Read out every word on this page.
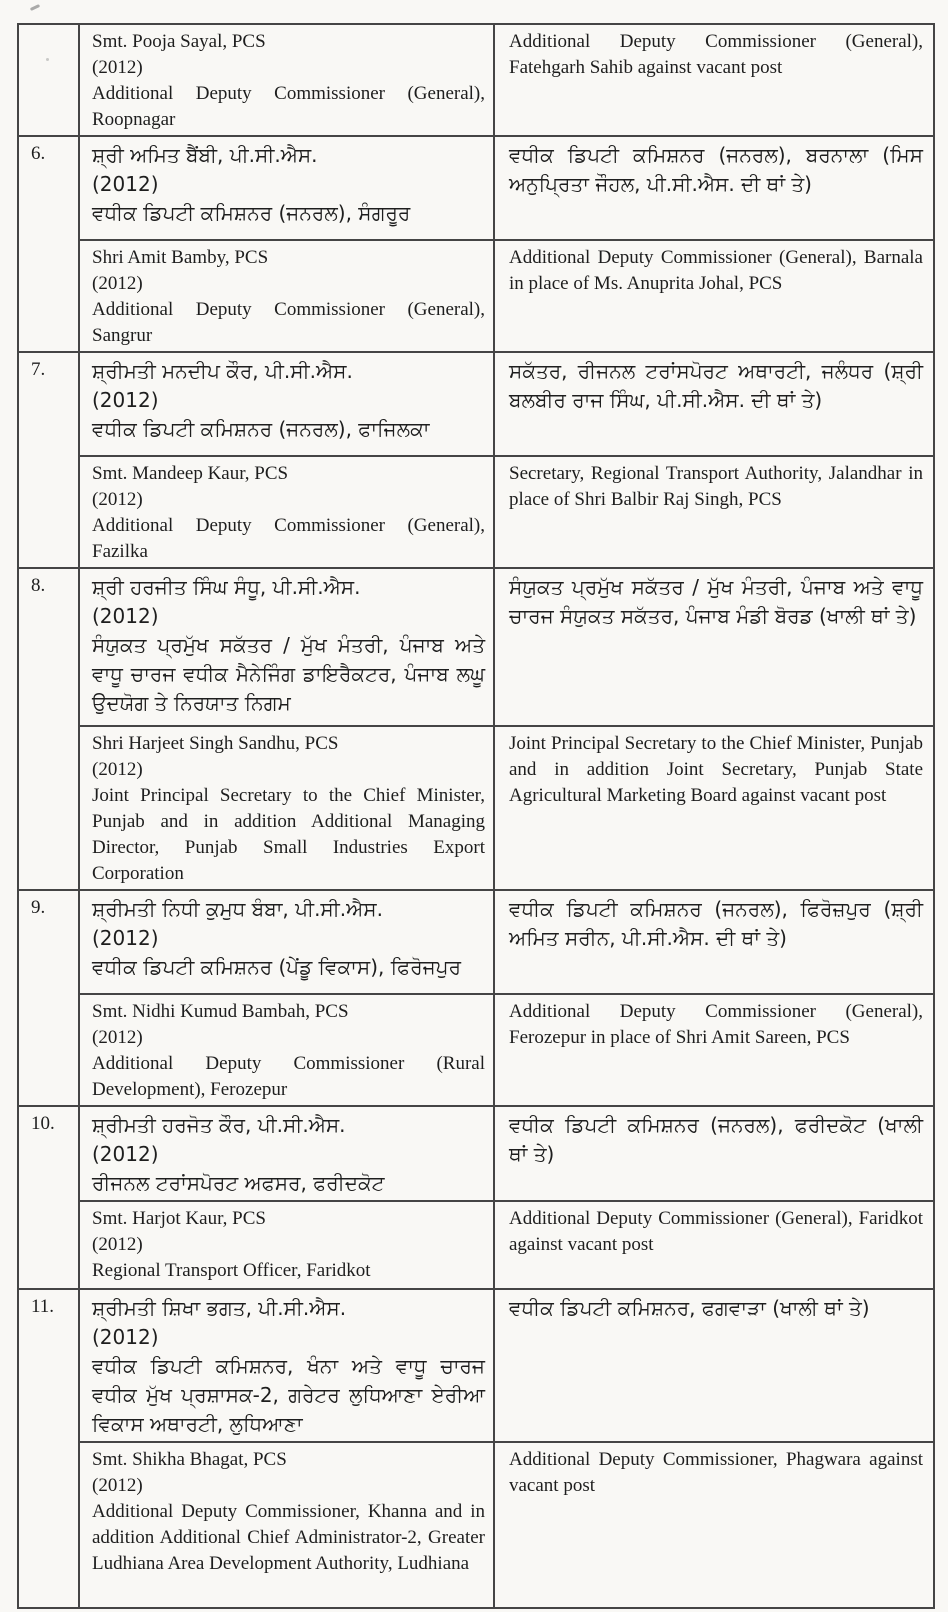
	Smt. Pooja Sayal, PCS
(2012)
Additional Deputy Commissioner (General), Roopnagar	Additional Deputy Commissioner (General), Fatehgarh Sahib against vacant post

6.	ਸ਼੍ਰੀ ਅਮਿਤ ਬੈਂਬੀ, ਪੀ.ਸੀ.ਐਸ.
(2012)
ਵਧੀਕ ਡਿਪਟੀ ਕਮਿਸ਼ਨਰ (ਜਨਰਲ), ਸੰਗਰੂਰ	ਵਧੀਕ ਡਿਪਟੀ ਕਮਿਸ਼ਨਰ (ਜਨਰਲ), ਬਰਨਾਲਾ (ਮਿਸ ਅਨੁਪ੍ਰਿਤਾ ਜੌਹਲ, ਪੀ.ਸੀ.ਐਸ. ਦੀ ਥਾਂ ਤੇ)

	Shri Amit Bamby, PCS
(2012)
Additional Deputy Commissioner (General), Sangrur	Additional Deputy Commissioner (General), Barnala in place of Ms. Anuprita Johal, PCS

7.	ਸ਼੍ਰੀਮਤੀ ਮਨਦੀਪ ਕੌਰ, ਪੀ.ਸੀ.ਐਸ.
(2012)
ਵਧੀਕ ਡਿਪਟੀ ਕਮਿਸ਼ਨਰ (ਜਨਰਲ), ਫਾਜਿਲਕਾ	ਸਕੱਤਰ, ਰੀਜਨਲ ਟਰਾਂਸਪੋਰਟ ਅਥਾਰਟੀ, ਜਲੰਧਰ (ਸ਼੍ਰੀ ਬਲਬੀਰ ਰਾਜ ਸਿੰਘ, ਪੀ.ਸੀ.ਐਸ. ਦੀ ਥਾਂ ਤੇ)

	Smt. Mandeep Kaur, PCS
(2012)
Additional Deputy Commissioner (General), Fazilka	Secretary, Regional Transport Authority, Jalandhar in place of Shri Balbir Raj Singh, PCS

8.	ਸ਼੍ਰੀ ਹਰਜੀਤ ਸਿੰਘ ਸੰਧੂ, ਪੀ.ਸੀ.ਐਸ.
(2012)
ਸੰਯੁਕਤ ਪ੍ਰਮੁੱਖ ਸਕੱਤਰ / ਮੁੱਖ ਮੰਤਰੀ, ਪੰਜਾਬ ਅਤੇ ਵਾਧੂ ਚਾਰਜ ਵਧੀਕ ਮੈਨੇਜਿੰਗ ਡਾਇਰੈਕਟਰ, ਪੰਜਾਬ ਲਘੂ ਉਦਯੋਗ ਤੇ ਨਿਰਯਾਤ ਨਿਗਮ	ਸੰਯੁਕਤ ਪ੍ਰਮੁੱਖ ਸਕੱਤਰ / ਮੁੱਖ ਮੰਤਰੀ, ਪੰਜਾਬ ਅਤੇ ਵਾਧੂ ਚਾਰਜ ਸੰਯੁਕਤ ਸਕੱਤਰ, ਪੰਜਾਬ ਮੰਡੀ ਬੋਰਡ (ਖਾਲੀ ਥਾਂ ਤੇ)

	Shri Harjeet Singh Sandhu, PCS
(2012)
Joint Principal Secretary to the Chief Minister, Punjab and in addition Additional Managing Director, Punjab Small Industries Export Corporation	Joint Principal Secretary to the Chief Minister, Punjab and in addition Joint Secretary, Punjab State Agricultural Marketing Board against vacant post

9.	ਸ਼੍ਰੀਮਤੀ ਨਿਧੀ ਕੁਮੁਧ ਬੰਬਾ, ਪੀ.ਸੀ.ਐਸ.
(2012)
ਵਧੀਕ ਡਿਪਟੀ ਕਮਿਸ਼ਨਰ (ਪੇਂਡੂ ਵਿਕਾਸ), ਫਿਰੋਜਪੁਰ	ਵਧੀਕ ਡਿਪਟੀ ਕਮਿਸ਼ਨਰ (ਜਨਰਲ), ਫਿਰੋਜ਼ਪੁਰ (ਸ਼੍ਰੀ ਅਮਿਤ ਸਰੀਨ, ਪੀ.ਸੀ.ਐਸ. ਦੀ ਥਾਂ ਤੇ)

	Smt. Nidhi Kumud Bambah, PCS
(2012)
Additional Deputy Commissioner (Rural Development), Ferozepur	Additional Deputy Commissioner (General), Ferozepur in place of Shri Amit Sareen, PCS

10.	ਸ਼੍ਰੀਮਤੀ ਹਰਜੋਤ ਕੌਰ, ਪੀ.ਸੀ.ਐਸ.
(2012)
ਰੀਜਨਲ ਟਰਾਂਸਪੋਰਟ ਅਫਸਰ, ਫਰੀਦਕੋਟ	ਵਧੀਕ ਡਿਪਟੀ ਕਮਿਸ਼ਨਰ (ਜਨਰਲ), ਫਰੀਦਕੋਟ (ਖਾਲੀ ਥਾਂ ਤੇ)

	Smt. Harjot Kaur, PCS
(2012)
Regional Transport Officer, Faridkot	Additional Deputy Commissioner (General), Faridkot against vacant post

11.	ਸ਼੍ਰੀਮਤੀ ਸ਼ਿਖਾ ਭਗਤ, ਪੀ.ਸੀ.ਐਸ.
(2012)
ਵਧੀਕ ਡਿਪਟੀ ਕਮਿਸ਼ਨਰ, ਖੰਨਾ ਅਤੇ ਵਾਧੂ ਚਾਰਜ ਵਧੀਕ ਮੁੱਖ ਪ੍ਰਸ਼ਾਸਕ-2, ਗਰੇਟਰ ਲੁਧਿਆਣਾ ਏਰੀਆ ਵਿਕਾਸ ਅਥਾਰਟੀ, ਲੁਧਿਆਣਾ	ਵਧੀਕ ਡਿਪਟੀ ਕਮਿਸ਼ਨਰ, ਫਗਵਾੜਾ (ਖਾਲੀ ਥਾਂ ਤੇ)

	Smt. Shikha Bhagat, PCS
(2012)
Additional Deputy Commissioner, Khanna and in addition Additional Chief Administrator-2, Greater Ludhiana Area Development Authority, Ludhiana	Additional Deputy Commissioner, Phagwara against vacant post
